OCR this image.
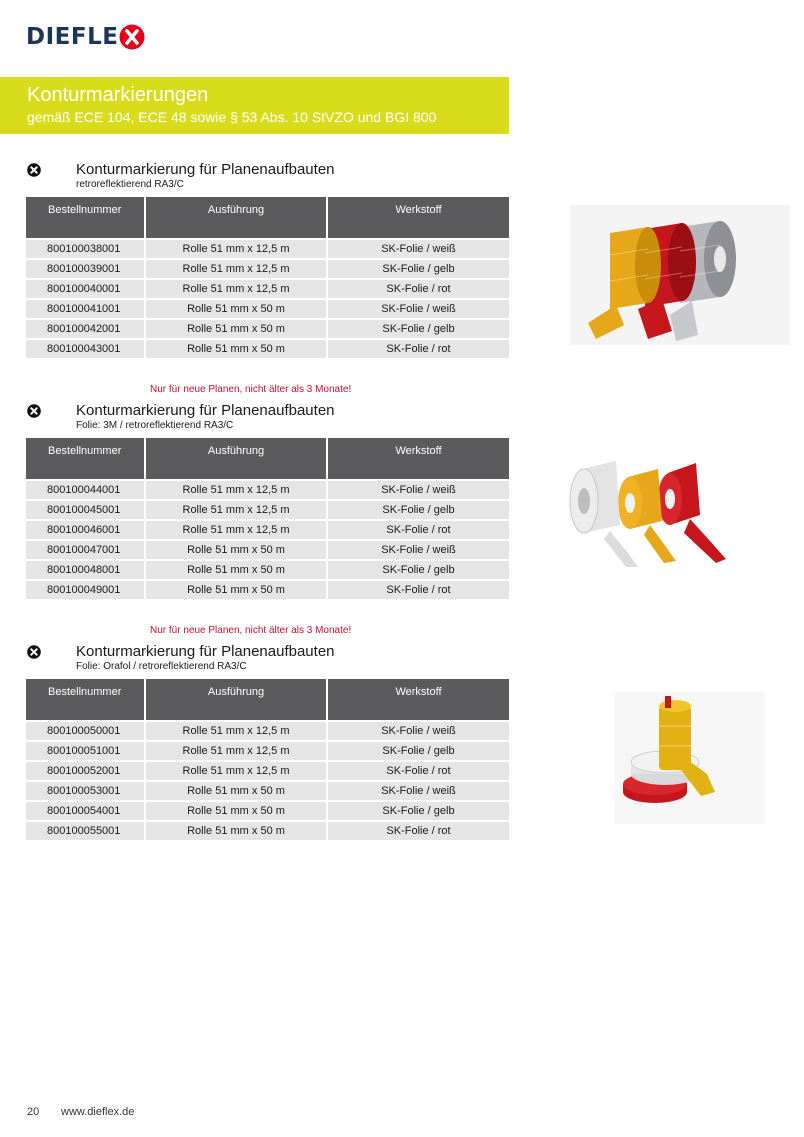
DIEFLE
Konturmarkierungen
gemäß ECE 104, ECE 48 sowie § 53 Abs. 10 StVZO und BGI 800
Konturmarkierung für Planenaufbauten
retroreflektierend RA3/C
Bestellnummer	Ausführung	Werkstoff

800100038001	Rolle 51 mm x 12,5 m	SK-Folie / weiß
800100039001	Rolle 51 mm x 12,5 m	SK-Folie / gelb
800100040001	Rolle 51 mm x 12,5 m	SK-Folie / rot
800100041001	Rolle 51 mm x 50 m	SK-Folie / weiß
800100042001	Rolle 51 mm x 50 m	SK-Folie / gelb
800100043001	Rolle 51 mm x 50 m	SK-Folie / rot
Nur für neue Planen, nicht älter als 3 Monate!
Konturmarkierung für Planenaufbauten
Folie: 3M / retroreflektierend RA3/C
Bestellnummer	Ausführung	Werkstoff

800100044001	Rolle 51 mm x 12,5 m	SK-Folie / weiß
800100045001	Rolle 51 mm x 12,5 m	SK-Folie / gelb
800100046001	Rolle 51 mm x 12,5 m	SK-Folie / rot
800100047001	Rolle 51 mm x 50 m	SK-Folie / weiß
800100048001	Rolle 51 mm x 50 m	SK-Folie / gelb
800100049001	Rolle 51 mm x 50 m	SK-Folie / rot
Nur für neue Planen, nicht älter als 3 Monate!
Konturmarkierung für Planenaufbauten
Folie: Orafol / retroreflektierend RA3/C
Bestellnummer	Ausführung	Werkstoff

800100050001	Rolle 51 mm x 12,5 m	SK-Folie / weiß
800100051001	Rolle 51 mm x 12,5 m	SK-Folie / gelb
800100052001	Rolle 51 mm x 12,5 m	SK-Folie / rot
800100053001	Rolle 51 mm x 50 m	SK-Folie / weiß
800100054001	Rolle 51 mm x 50 m	SK-Folie / gelb
800100055001	Rolle 51 mm x 50 m	SK-Folie / rot
20 www.dieflex.de
